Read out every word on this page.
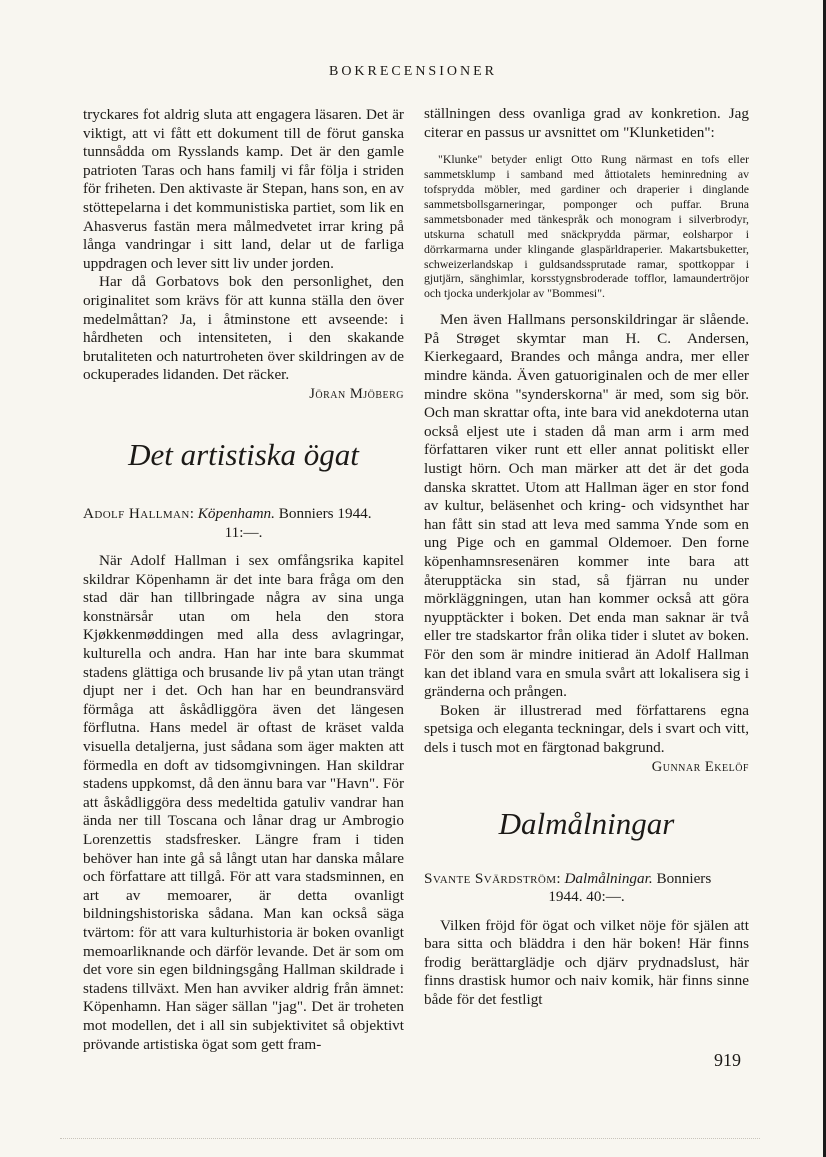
BOKRECENSIONER

tryckares fot aldrig sluta att engagera läsaren. Det är viktigt, att vi fått ett dokument till de förut ganska tunnsådda om Rysslands kamp. Det är den gamle patrioten Taras och hans familj vi får följa i striden för friheten. Den aktivaste är Stepan, hans son, en av stöttepelarna i det kommunistiska partiet, som lik en Ahasverus fastän mera målmedvetet irrar kring på långa vandringar i sitt land, delar ut de farliga uppdragen och lever sitt liv under jorden.

Har då Gorbatovs bok den personlighet, den originalitet som krävs för att kunna ställa den över medelmåttan? Ja, i åtminstone ett avseende: i hårdheten och intensiteten, i den skakande brutaliteten och naturtroheten över skildringen av de ockuperades lidanden. Det räcker.

Jöran Mjöberg
Det artistiska ögat
Adolf Hallman: Köpenhamn. Bonniers 1944.
11:—.

När Adolf Hallman i sex omfångsrika kapitel skildrar Köpenhamn är det inte bara fråga om den stad där han tillbringade några av sina unga konstnärsår utan om hela den stora Kjøkkenmøddingen med alla dess avlagringar, kulturella och andra. Han har inte bara skummat stadens glättiga och brusande liv på ytan utan trängt djupt ner i det. Och han har en beundransvärd förmåga att åskådliggöra även det längesen förflutna. Hans medel är oftast de kräset valda visuella detaljerna, just sådana som äger makten att förmedla en doft av tidsomgivningen. Han skildrar stadens uppkomst, då den ännu bara var "Havn". För att åskådliggöra dess medeltida gatuliv vandrar han ända ner till Toscana och lånar drag ur Ambrogio Lorenzettis stadsfresker. Längre fram i tiden behöver han inte gå så långt utan har danska målare och författare att tillgå. För att vara stadsminnen, en art av memoarer, är detta ovanligt bildningshistoriska sådana. Man kan också säga tvärtom: för att vara kulturhistoria är boken ovanligt memoarliknande och därför levande. Det är som om det vore sin egen bildningsgång Hallman skildrade i stadens tillväxt. Men han avviker aldrig från ämnet: Köpenhamn. Han säger sällan "jag". Det är troheten mot modellen, det i all sin subjektivitet så objektivt prövande artistiska ögat som gett fram-

ställningen dess ovanliga grad av konkretion. Jag citerar en passus ur avsnittet om "Klunketiden":

"Klunke" betyder enligt Otto Rung närmast en tofs eller sammetsklump i samband med åttiotalets heminredning av tofsprydda möbler, med gardiner och draperier i dinglande sammetsbollsgarneringar, pomponger och puffar. Bruna sammetsbonader med tänkespråk och monogram i silverbrodyr, utskurna schatull med snäckprydda pärmar, eolsharpor i dörrkarmarna under klingande glaspärldraperier. Makartsbuketter, schweizerlandskap i guldsandssprutade ramar, spottkoppar i gjutjärn, sänghimlar, korsstygnsbroderade tofflor, lamaundertröjor och tjocka underkjolar av "Bommesi".

Men även Hallmans personskildringar är slående. På Strøget skymtar man H. C. Andersen, Kierkegaard, Brandes och många andra, mer eller mindre kända. Även gatuoriginalen och de mer eller mindre sköna "synderskorna" är med, som sig bör. Och man skrattar ofta, inte bara vid anekdoterna utan också eljest ute i staden då man arm i arm med författaren viker runt ett eller annat politiskt eller lustigt hörn. Och man märker att det är det goda danska skrattet. Utom att Hallman äger en stor fond av kultur, beläsenhet och kring- och vidsynthet har han fått sin stad att leva med samma Ynde som en ung Pige och en gammal Oldemoer. Den forne köpenhamnsresenären kommer inte bara att återupptäcka sin stad, så fjärran nu under mörkläggningen, utan han kommer också att göra nyupptäckter i boken. Det enda man saknar är två eller tre stadskartor från olika tider i slutet av boken. För den som är mindre initierad än Adolf Hallman kan det ibland vara en smula svårt att lokalisera sig i gränderna och prången.

Boken är illustrerad med författarens egna spetsiga och eleganta teckningar, dels i svart och vitt, dels i tusch mot en färgtonad bakgrund.

Gunnar Ekelöf
Dalmålningar
Svante Svärdström: Dalmålningar. Bonniers
1944. 40:—.

Vilken fröjd för ögat och vilket nöje för själen att bara sitta och bläddra i den här boken! Här finns frodig berättarglädje och djärv prydnadslust, här finns drastisk humor och naiv komik, här finns sinne både för det festligt

919
